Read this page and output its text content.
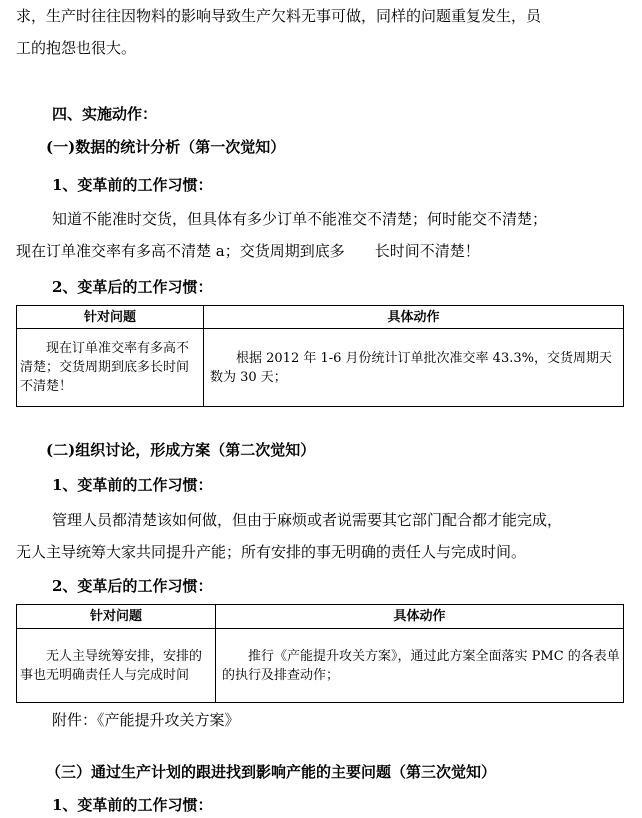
求，生产时往往因物料的影响导致生产欠料无事可做，同样的问题重复发生，员
工的抱怨也很大。
四、实施动作：
(一)数据的统计分析（第一次觉知）
1、变革前的工作习惯：
知道不能准时交货，但具体有多少订单不能准交不清楚；何时能交不清楚；
现在订单准交率有多高不清楚 a；交货周期到底多　　长时间不清楚！
2、变革后的工作习惯：
针对问题	具体动作
现在订单准交率有多高不清楚；交货周期到底多长时间不清楚！	根据 2012 年 1-6 月份统计订单批次准交率 43.3%，交货周期天数为 30 天；
(二)组织讨论，形成方案（第二次觉知）
1、变革前的工作习惯：
管理人员都清楚该如何做，但由于麻烦或者说需要其它部门配合都才能完成，
无人主导统筹大家共同提升产能；所有安排的事无明确的责任人与完成时间。
2、变革后的工作习惯：
针对问题	具体动作
无人主导统筹安排，安排的事也无明确责任人与完成时间	推行《产能提升攻关方案》，通过此方案全面落实 PMC 的各表单的执行及排查动作；
附件：《产能提升攻关方案》
（三）通过生产计划的跟进找到影响产能的主要问题（第三次觉知）
1、变革前的工作习惯：
